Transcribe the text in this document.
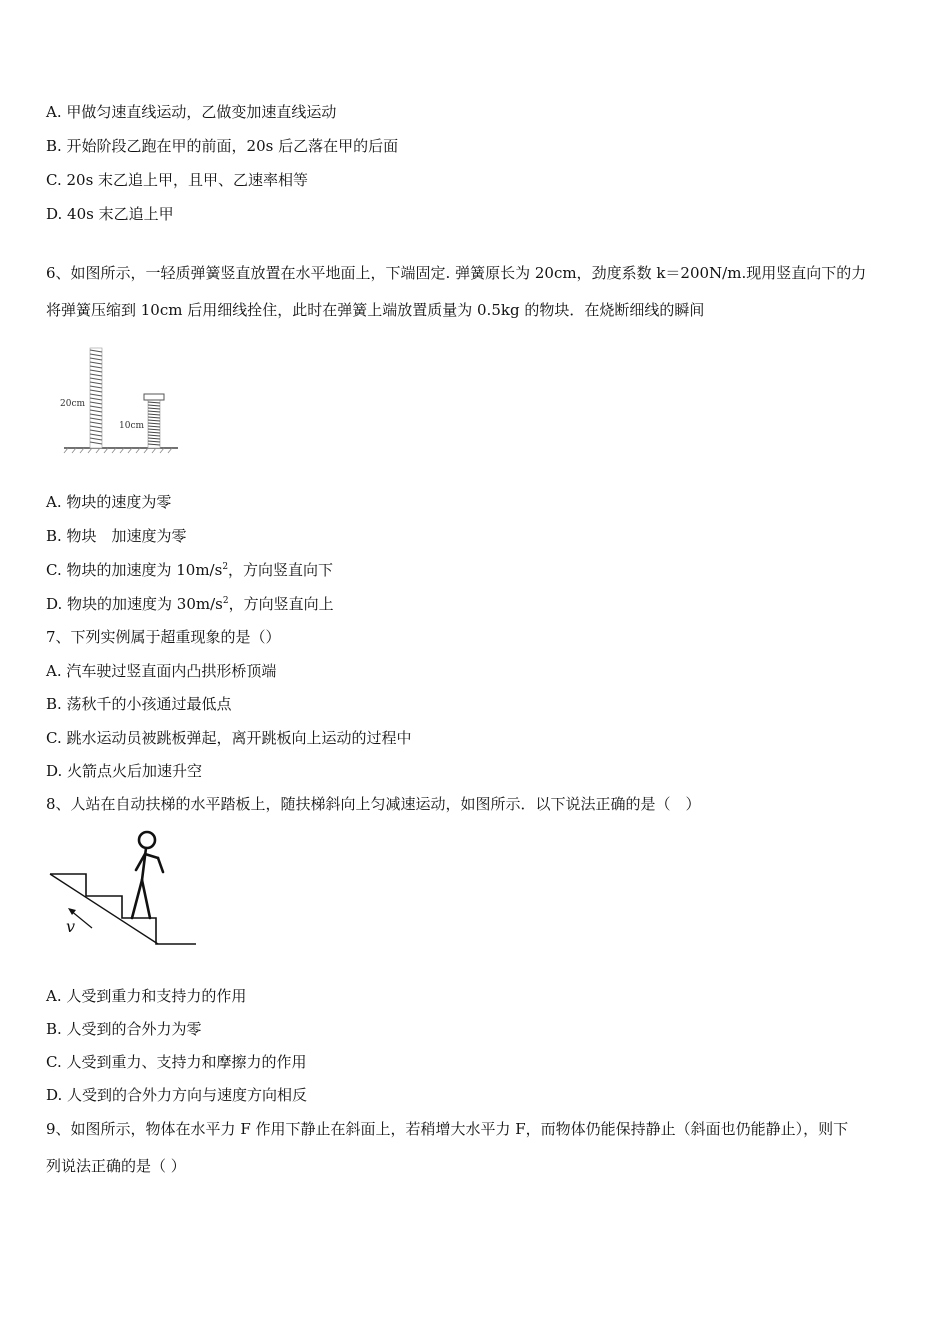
A. 甲做匀速直线运动，乙做变加速直线运动
B. 开始阶段乙跑在甲的前面，20s 后乙落在甲的后面
C. 20s 末乙追上甲，且甲、乙速率相等
D. 40s 末乙追上甲
6、如图所示，一轻质弹簧竖直放置在水平地面上，下端固定. 弹簧原长为 20cm，劲度系数 k＝200N/m.现用竖直向下的力
将弹簧压缩到 10cm 后用细线拴住，此时在弹簧上端放置质量为 0.5kg 的物块．在烧断细线的瞬间
20cm
10cm
A. 物块的速度为零
B. 物块　加速度为零
C. 物块的加速度为 $10m/s^2$，方向竖直向下
D. 物块的加速度为 $30m/s^2$，方向竖直向上
7、下列实例属于超重现象的是（）
A. 汽车驶过竖直面内凸拱形桥顶端
B. 荡秋千的小孩通过最低点
C. 跳水运动员被跳板弹起，离开跳板向上运动的过程中
D. 火箭点火后加速升空
8、人站在自动扶梯的水平踏板上，随扶梯斜向上匀减速运动，如图所示．以下说法正确的是（　）
v
A. 人受到重力和支持力的作用
B. 人受到的合外力为零
C. 人受到重力、支持力和摩擦力的作用
D. 人受到的合外力方向与速度方向相反
9、如图所示，物体在水平力 F 作用下静止在斜面上，若稍增大水平力 F，而物体仍能保持静止（斜面也仍能静止），则下
列说法正确的是（ ）
